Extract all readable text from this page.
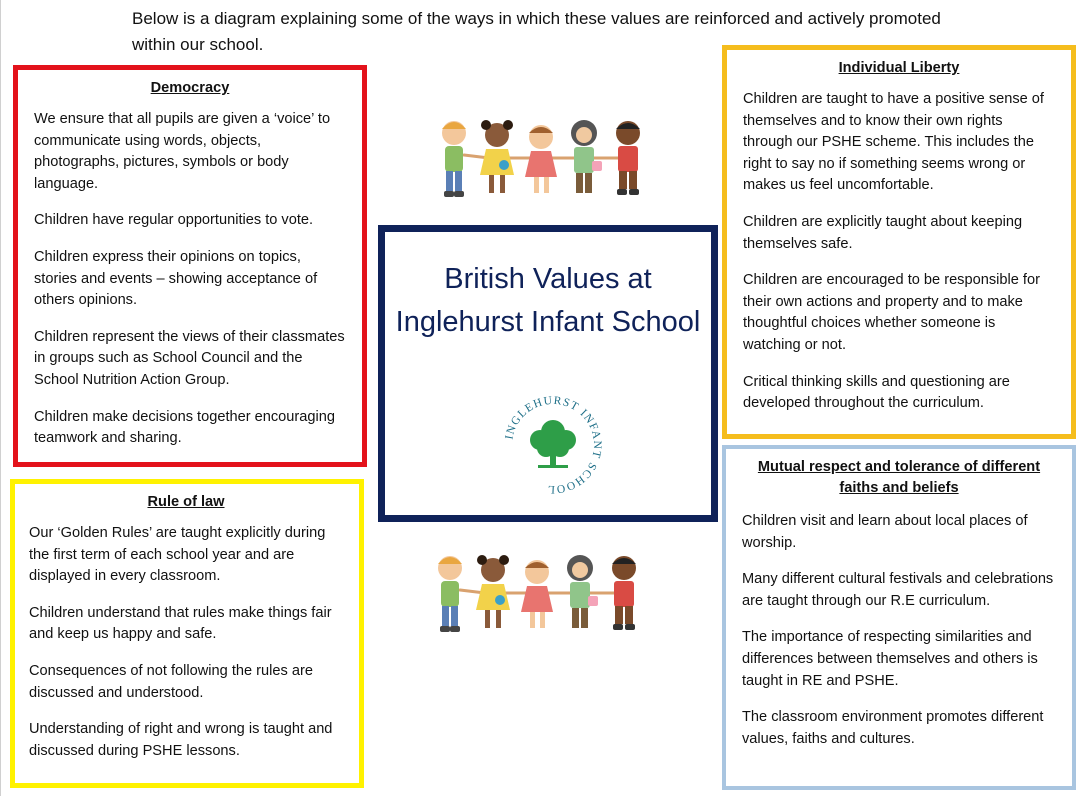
Below is a diagram explaining some of the ways in which these values are reinforced and actively promoted within our school.
Democracy

We ensure that all pupils are given a ‘voice’ to communicate using words, objects, photographs, pictures, symbols or body language.

Children have regular opportunities to vote.

Children express their opinions on topics, stories and events – showing acceptance of others opinions.

Children represent the views of their classmates in groups such as School Council and the School Nutrition Action Group.

Children make decisions together encouraging teamwork and sharing.

Rule of law

Our ‘Golden Rules’ are taught explicitly during the first term of each school year and are displayed in every classroom.

Children understand that rules make things fair and keep us happy and safe.

Consequences of not following the rules are discussed and understood.

Understanding of right and wrong is taught and discussed during PSHE lessons.

Individual Liberty

Children are taught to have a positive sense of themselves and to know their own rights through our PSHE scheme. This includes the right to say no if something seems wrong or makes us feel uncomfortable.

Children are explicitly taught about keeping themselves safe.

Children are encouraged to be responsible for their own actions and property and to make thoughtful choices whether someone is watching or not.

Critical thinking skills and questioning are developed throughout the curriculum.

Mutual respect and tolerance of different faiths and beliefs

Children visit and learn about local places of worship.

Many different cultural festivals and celebrations are taught through our R.E curriculum.

The importance of respecting similarities and differences between themselves and others is taught in RE and PSHE.

The classroom environment promotes different values, faiths and cultures.

British Values at Inglehurst Infant School
INGLEHURST INFANT SCHOOL
